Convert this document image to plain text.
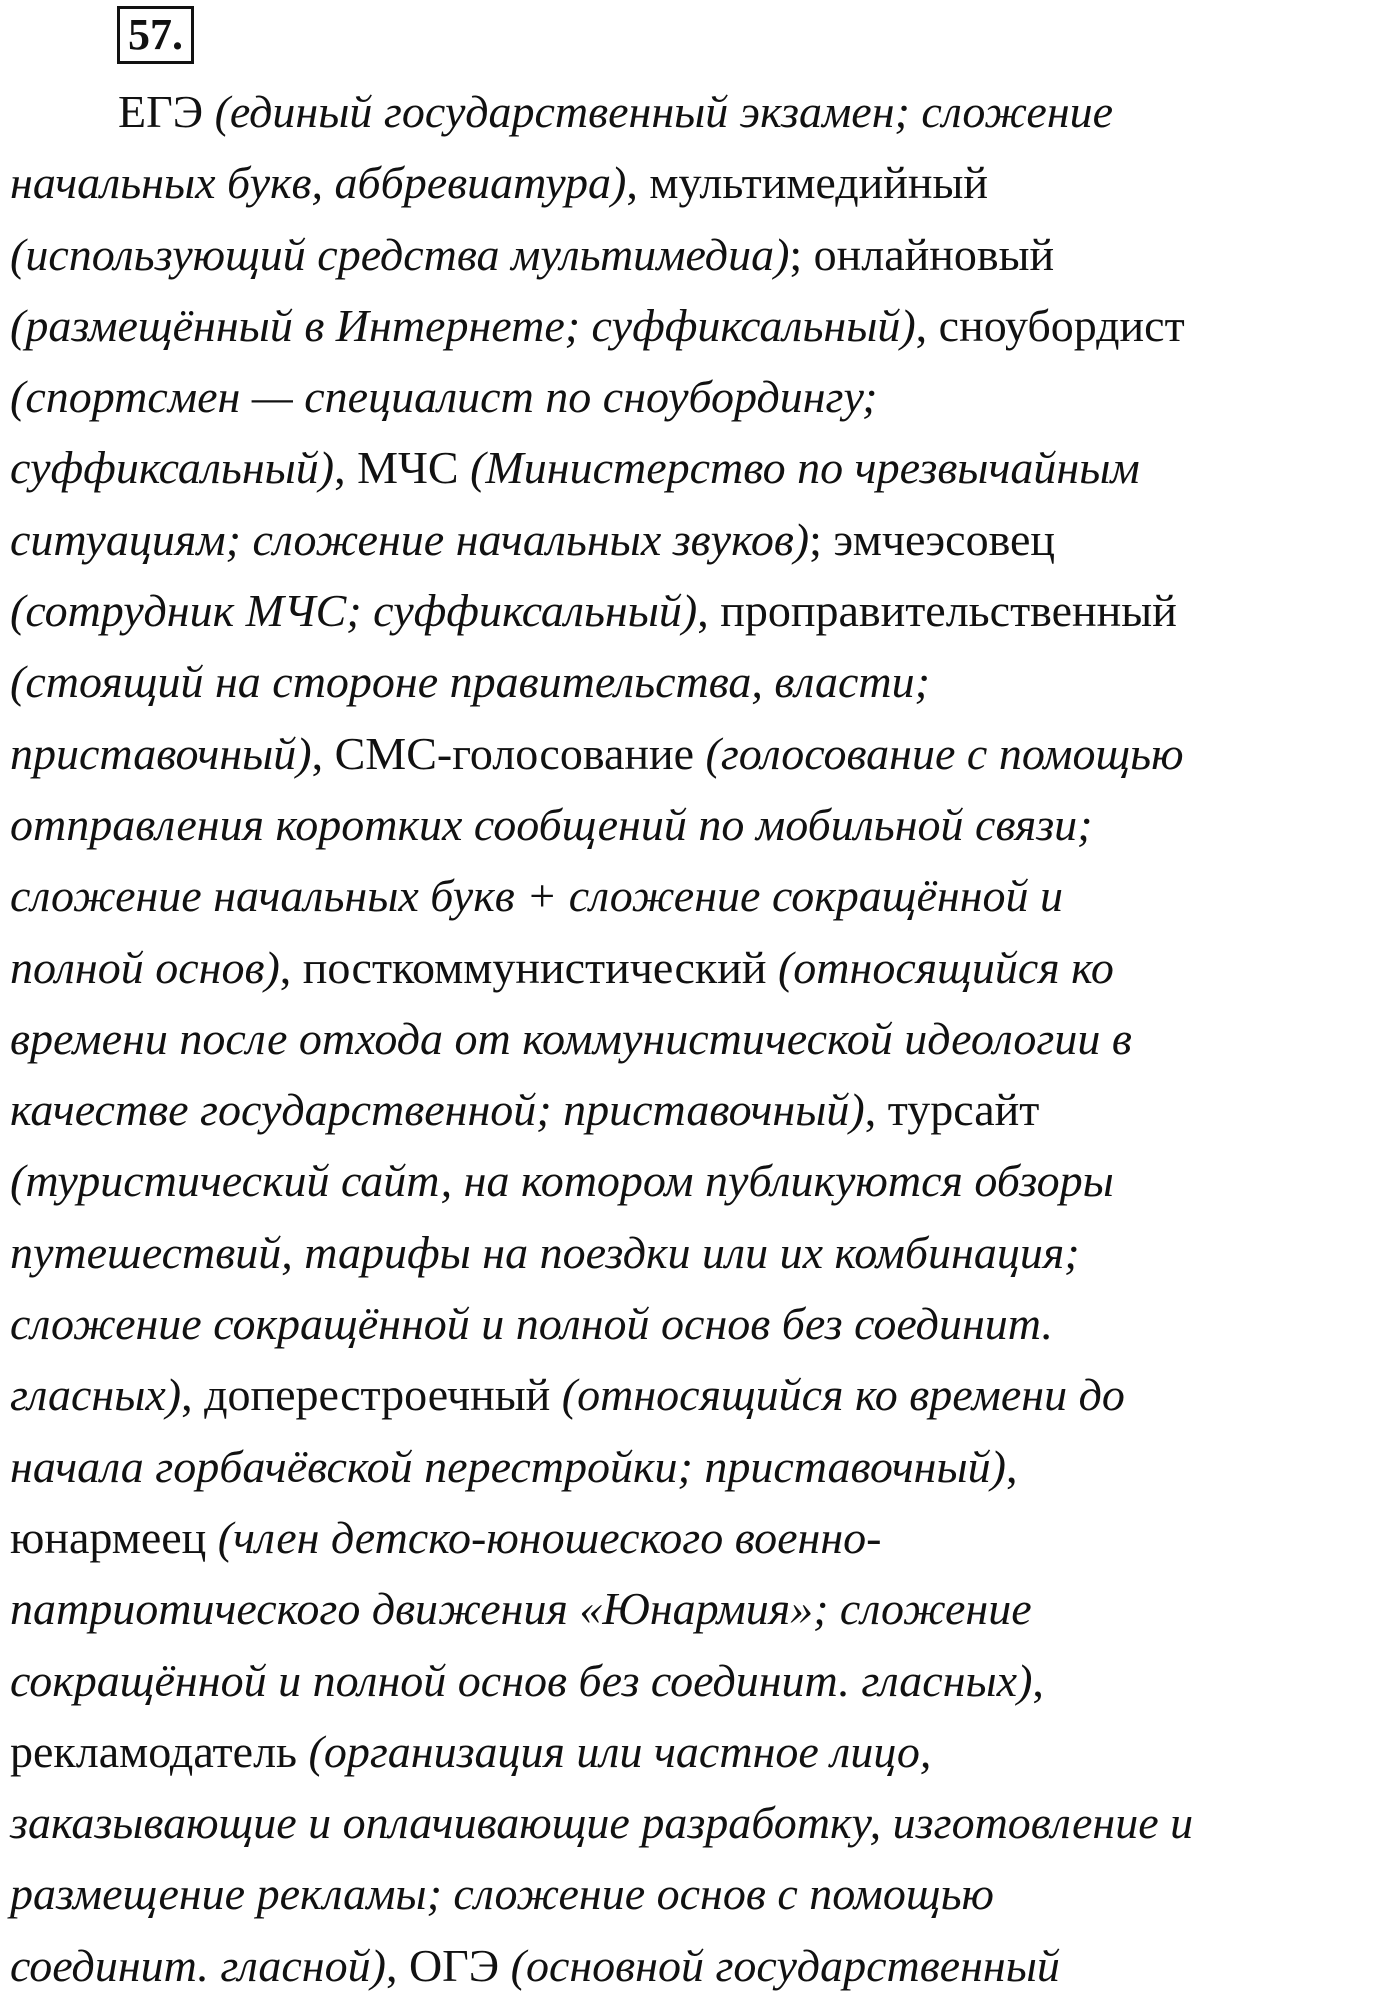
57.
ЕГЭ (единый государственный экзамен; сложение
начальных букв, аббревиатура), мультимедийный
(использующий средства мультимедиа); онлайновый
(размещённый в Интернете; суффиксальный), сноубордист
(спортсмен — специалист по сноубордингу;
суффиксальный), МЧС (Министерство по чрезвычайным
ситуациям; сложение начальных звуков); эмчеэсовец
(сотрудник МЧС; суффиксальный), проправительственный
(стоящий на стороне правительства, власти;
приставочный), СМС-голосование (голосование с помощью
отправления коротких сообщений по мобильной связи;
сложение начальных букв + сложение сокращённой и
полной основ), посткоммунистический (относящийся ко
времени после отхода от коммунистической идеологии в
качестве государственной; приставочный), турсайт
(туристический сайт, на котором публикуются обзоры
путешествий, тарифы на поездки или их комбинация;
сложение сокращённой и полной основ без соединит.
гласных), доперестроечный (относящийся ко времени до
начала горбачёвской перестройки; приставочный),
юнармеец (член детско-юношеского военно-
патриотического движения «Юнармия»; сложение
сокращённой и полной основ без соединит. гласных),
рекламодатель (организация или частное лицо,
заказывающие и оплачивающие разработку, изготовление и
размещение рекламы; сложение основ с помощью
соединит. гласной), ОГЭ (основной государственный
